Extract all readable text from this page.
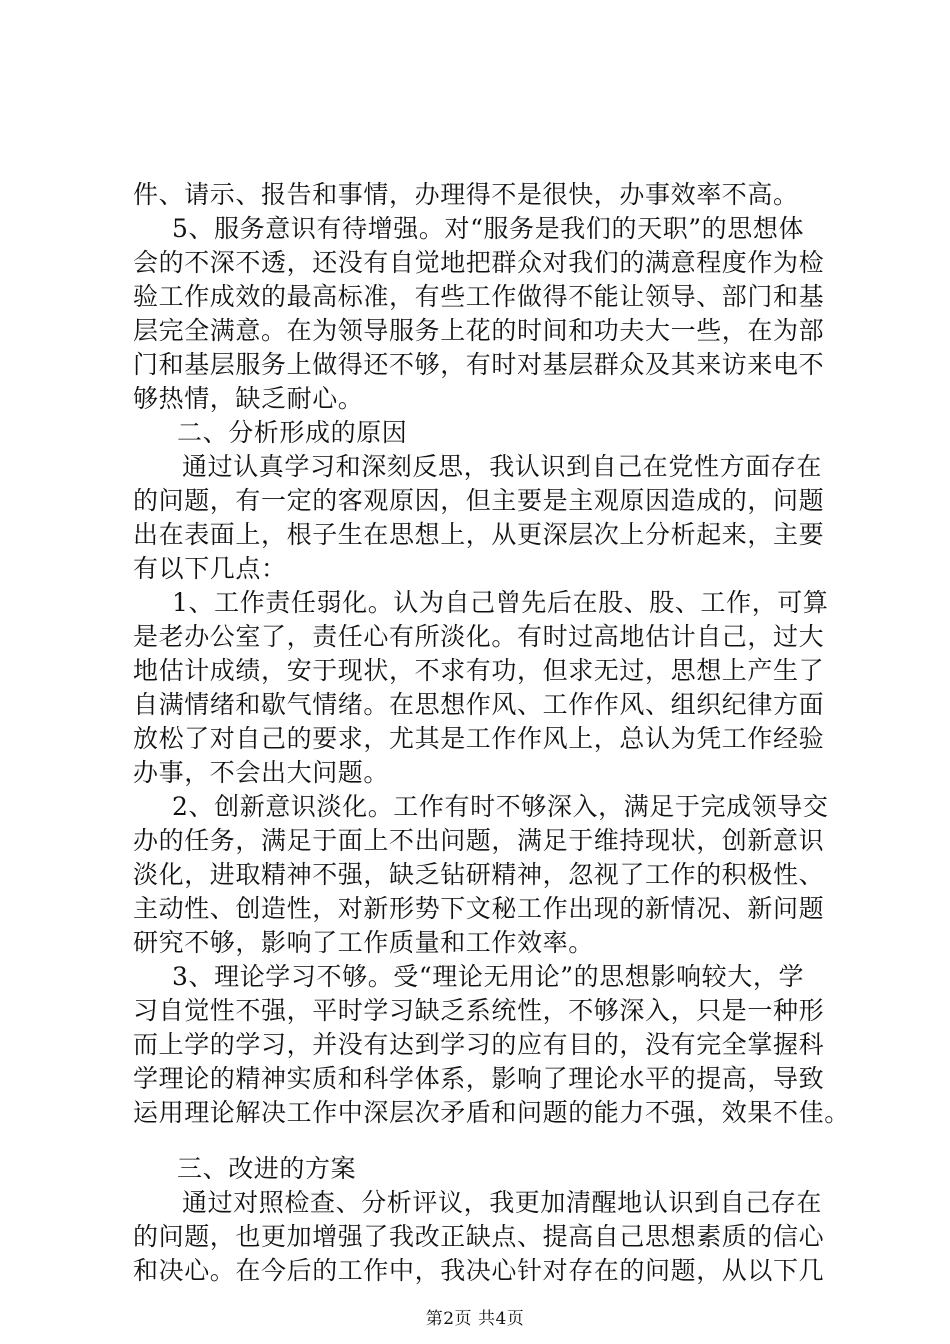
件、请示、报告和事情，办理得不是很快，办事效率不高。
5、服务意识有待增强。对“服务是我们的天职”的思想体
会的不深不透，还没有自觉地把群众对我们的满意程度作为检
验工作成效的最高标准，有些工作做得不能让领导、部门和基
层完全满意。在为领导服务上花的时间和功夫大一些，在为部
门和基层服务上做得还不够，有时对基层群众及其来访来电不
够热情，缺乏耐心。
二、分析形成的原因
通过认真学习和深刻反思，我认识到自己在党性方面存在
的问题，有一定的客观原因，但主要是主观原因造成的，问题
出在表面上，根子生在思想上，从更深层次上分析起来，主要
有以下几点：
1、工作责任弱化。认为自己曾先后在股、股、工作，可算
是老办公室了，责任心有所淡化。有时过高地估计自己，过大
地估计成绩，安于现状，不求有功，但求无过，思想上产生了
自满情绪和歇气情绪。在思想作风、工作作风、组织纪律方面
放松了对自己的要求，尤其是工作作风上，总认为凭工作经验
办事，不会出大问题。
2、创新意识淡化。工作有时不够深入，满足于完成领导交
办的任务，满足于面上不出问题，满足于维持现状，创新意识
淡化，进取精神不强，缺乏钻研精神，忽视了工作的积极性、
主动性、创造性，对新形势下文秘工作出现的新情况、新问题
研究不够，影响了工作质量和工作效率。
3、理论学习不够。受“理论无用论”的思想影响较大，学
习自觉性不强，平时学习缺乏系统性，不够深入，只是一种形
而上学的学习，并没有达到学习的应有目的，没有完全掌握科
学理论的精神实质和科学体系，影响了理论水平的提高，导致
运用理论解决工作中深层次矛盾和问题的能力不强，效果不佳。
三、改进的方案
通过对照检查、分析评议，我更加清醒地认识到自己存在
的问题，也更加增强了我改正缺点、提高自己思想素质的信心
和决心。在今后的工作中，我决心针对存在的问题，从以下几
第2页 共4页
